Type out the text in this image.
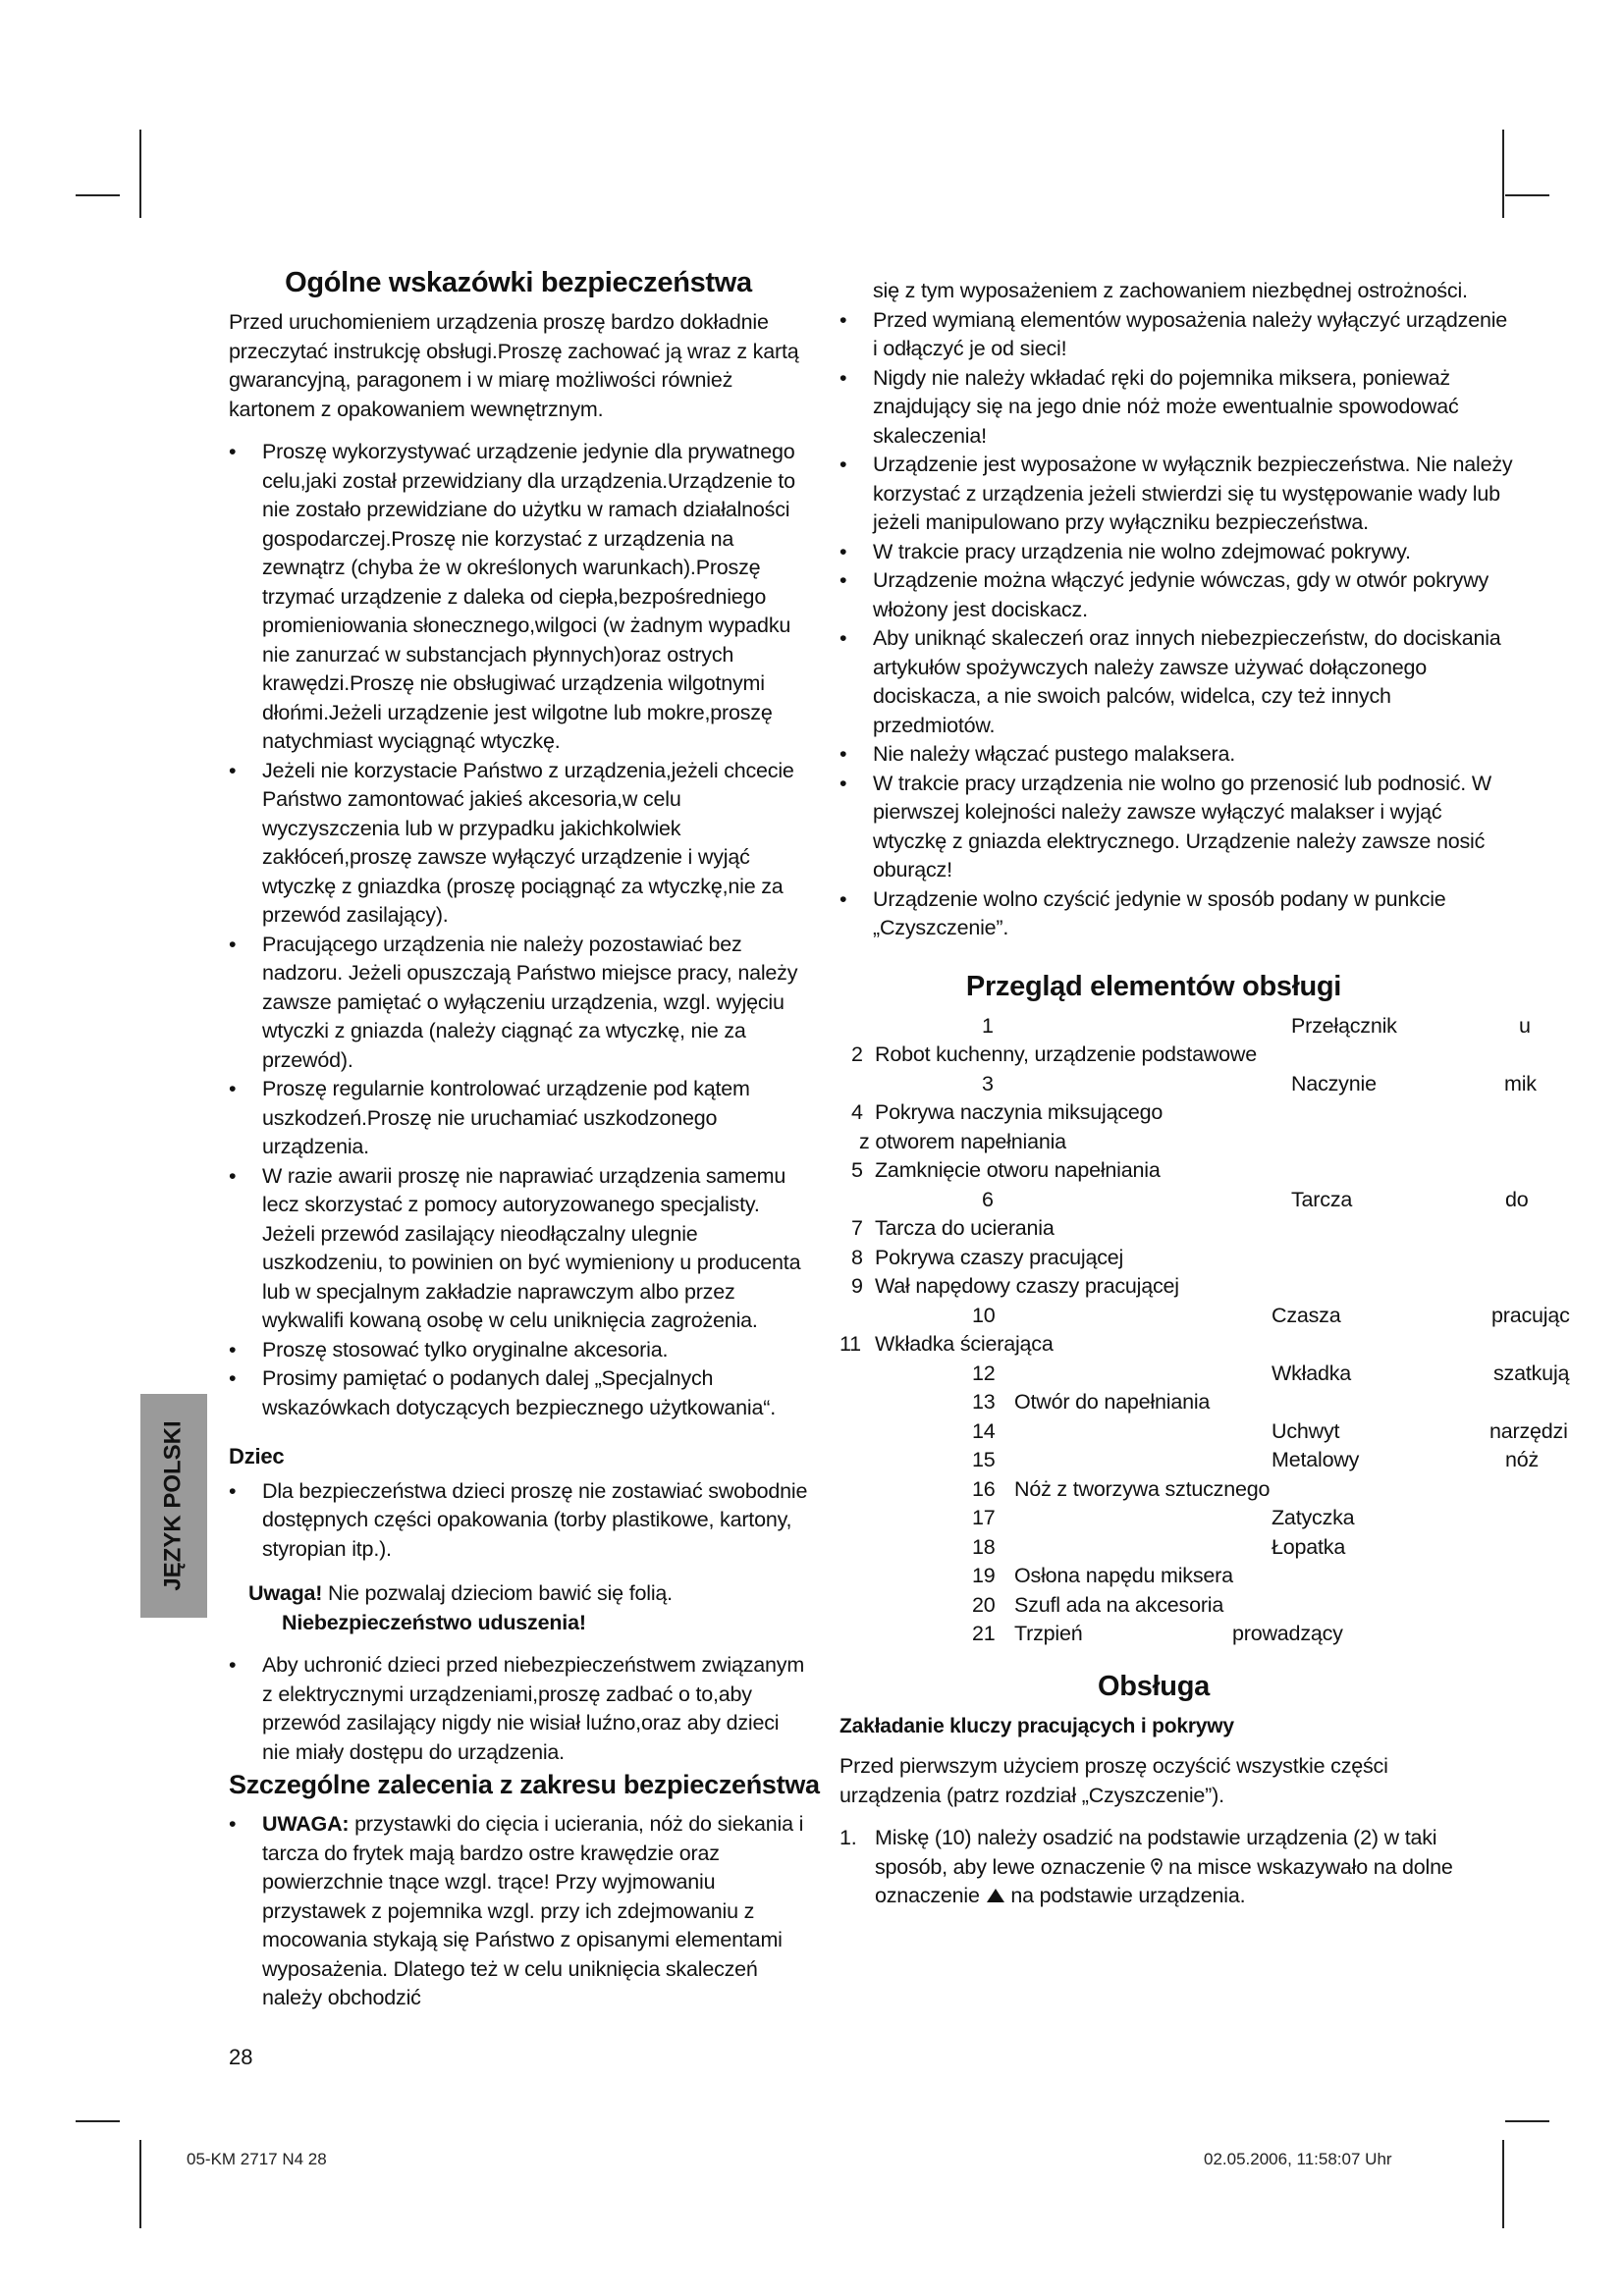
JĘZYK POLSKI
Ogólne wskazówki bezpieczeństwa

Przed uruchomieniem urządzenia proszę bardzo dokładnie przeczytać instrukcję obsługi.Proszę zachować ją wraz z kartą gwarancyjną, paragonem i w miarę możliwości również kartonem z opakowaniem wewnętrznym.

• Proszę wykorzystywać urządzenie jedynie dla prywatnego celu,jaki został przewidziany dla urządzenia.Urządzenie to nie zostało przewidziane do użytku w ramach działalności gospodarczej.Proszę nie korzystać z urządzenia na zewnątrz (chyba że w określonych warunkach).Proszę trzymać urządzenie z daleka od ciepła,bezpośredniego promieniowania słonecznego,wilgoci (w żadnym wypadku nie zanurzać w substancjach płynnych)oraz ostrych krawędzi.Proszę nie obsługiwać urządzenia wilgotnymi dłońmi.Jeżeli urządzenie jest wilgotne lub mokre,proszę natychmiast wyciągnąć wtyczkę.
• Jeżeli nie korzystacie Państwo z urządzenia,jeżeli chcecie Państwo zamontować jakieś akcesoria,w celu wyczyszczenia lub w przypadku jakichkolwiek zakłóceń,proszę zawsze wyłączyć urządzenie i wyjąć wtyczkę z gniazdka (proszę pociągnąć za wtyczkę,nie za przewód zasilający).
• Pracującego urządzenia nie należy pozostawiać bez nadzoru. Jeżeli opuszczają Państwo miejsce pracy, należy zawsze pamiętać o wyłączeniu urządzenia, wzgl. wyjęciu wtyczki z gniazda (należy ciągnąć za wtyczkę, nie za przewód).
• Proszę regularnie kontrolować urządzenie pod kątem uszkodzeń.Proszę nie uruchamiać uszkodzonego urządzenia.
• W razie awarii proszę nie naprawiać urządzenia samemu lecz skorzystać z pomocy autoryzowanego specjalisty. Jeżeli przewód zasilający nieodłączalny ulegnie uszkodzeniu, to powinien on być wymieniony u producenta lub w specjalnym zakładzie naprawczym albo przez wykwalifi kowaną osobę w celu uniknięcia zagrożenia.
• Proszę stosować tylko oryginalne akcesoria.
• Prosimy pamiętać o podanych dalej „Specjalnych wskazówkach dotyczących bezpiecznego użytkowania“.
Dziec
• Dla bezpieczeństwa dzieci proszę nie zostawiać swobodnie dostępnych części opakowania (torby plastikowe, kartony, styropian itp.).
Uwaga! Nie pozwalaj dzieciom bawić się folią.
Niebezpieczeństwo uduszenia!
• Aby uchronić dzieci przed niebezpieczeństwem związanym z elektrycznymi urządzeniami,proszę zadbać o to,aby przewód zasilający nigdy nie wisiał luźno,oraz aby dzieci nie miały dostępu do urządzenia.
Szczególne zalecenia z zakresu bezpieczeństwa
• UWAGA: przystawki do cięcia i ucierania, nóż do siekania i tarcza do frytek mają bardzo ostre krawędzie oraz powierzchnie tnące wzgl. trące! Przy wyjmowaniu przystawek z pojemnika wzgl. przy ich zdejmowaniu z mocowania stykają się Państwo z opisanymi elementami wyposażenia. Dlatego też w celu uniknięcia skaleczeń należy obchodzić

się z tym wyposażeniem z zachowaniem niezbędnej ostrożności.

• Przed wymianą elementów wyposażenia należy wyłączyć urządzenie i odłączyć je od sieci!
• Nigdy nie należy wkładać ręki do pojemnika miksera, ponieważ znajdujący się na jego dnie nóż może ewentualnie spowodować skaleczenia!
• Urządzenie jest wyposażone w wyłącznik bezpieczeństwa. Nie należy korzystać z urządzenia jeżeli stwierdzi się tu występowanie wady lub jeżeli manipulowano przy wyłączniku bezpieczeństwa.
• W trakcie pracy urządzenia nie wolno zdejmować pokrywy.
• Urządzenie można włączyć jedynie wówczas, gdy w otwór pokrywy włożony jest dociskacz.
• Aby uniknąć skaleczeń oraz innych niebezpieczeństw, do dociskania artykułów spożywczych należy zawsze używać dołączonego dociskacza, a nie swoich palców, widelca, czy też innych przedmiotów.
• Nie należy włączać pustego malaksera.
• W trakcie pracy urządzenia nie wolno go przenosić lub podnosić. W pierwszej kolejności należy zawsze wyłączyć malakser i wyjąć wtyczkę z gniazda elektrycznego. Urządzenie należy zawsze nosić oburącz!
• Urządzenie wolno czyścić jedynie w sposób podany w punkcie „Czyszczenie”.
Przegląd elementów obsługi
1	Przełącznik	u
2 Robot kuchenny, urządzenie podstawowe
3	Naczynie	mik
4 Pokrywa naczynia miksującego
z otworem napełniania
5 Zamknięcie otworu napełniania
6	Tarcza	do
7 Tarcza do ucierania
8 Pokrywa czaszy pracującej
9 Wał napędowy czaszy pracującej
10	Czasza	pracując
11 Wkładka ścierająca
12	Wkładka	szatkują
13 Otwór do napełniania
14	Uchwyt	narzędzi
15	Metalowy	nóż
16 Nóż z tworzywa sztucznego
17	Zatyczka
18	Łopatka
19 Osłona napędu miksera
20 Szufl ada na akcesoria
21 Trzpień	prowadzący
Obsługa
Zakładanie kluczy pracujących i pokrywy

Przed pierwszym użyciem proszę oczyścić wszystkie części urządzenia (patrz rozdział „Czyszczenie”).

1. Miskę (10) należy osadzić na podstawie urządzenia (2) w taki sposób, aby lewe oznaczenie  na misce wskazywało na dolne oznaczenie  na podstawie urządzenia.
28
05-KM 2717 N4 28	02.05.2006, 11:58:07 Uhr
